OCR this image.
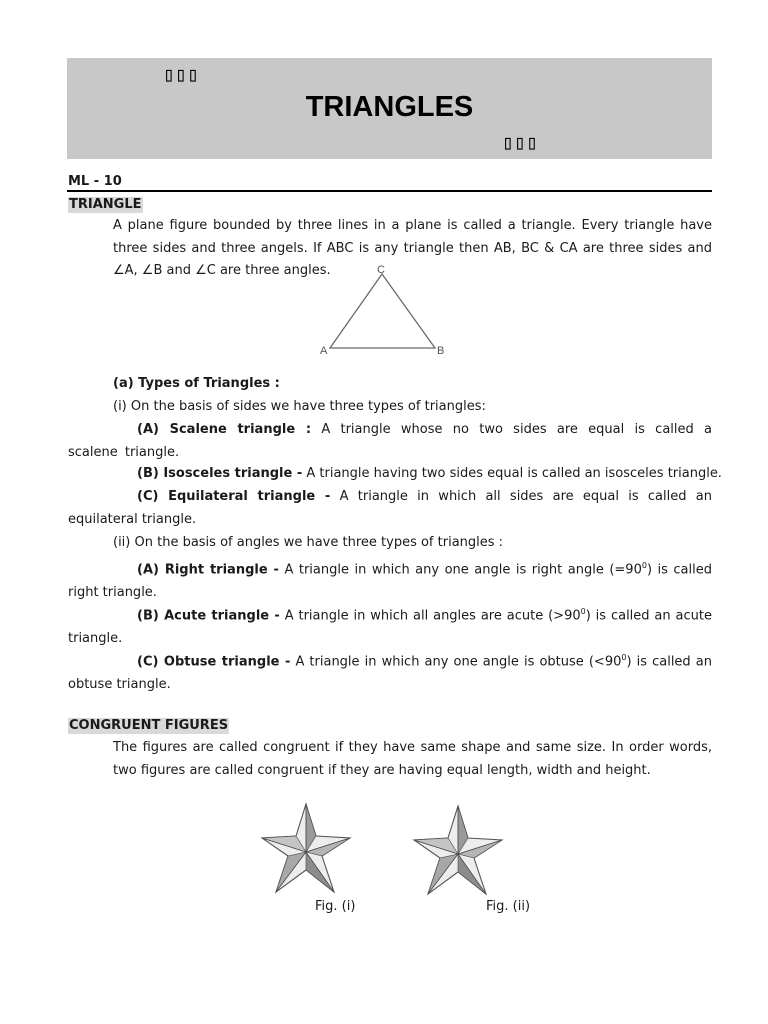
▯▯▯
TRIANGLES
▯▯▯
ML - 10
TRIANGLE

A plane figure bounded by three lines in a plane is called a triangle. Every triangle have three sides and three angels. If ABC is any triangle then AB, BC & CA are three sides and ∠A, ∠B and ∠C are three angles.	C
A	B
(a) Types of Triangles :
(i) On the basis of sides we have three types of triangles:

(A) Scalene triangle : A triangle whose no two sides are equal is called a scalene triangle.

(B) Isosceles triangle - A triangle having two sides equal is called an isosceles triangle.

(C) Equilateral triangle - A triangle in which all sides are equal is called an equilateral triangle.

(ii) On the basis of angles we have three types of triangles :

(A) Right triangle - A triangle in which any one angle is right angle $(=90^0)$ is called right triangle.

(B) Acute triangle - A triangle in which all angles are acute $(>90^0)$ is called an acute triangle.

(C) Obtuse triangle - A triangle in which any one angle is obtuse $(<90^0)$ is called an obtuse triangle.

CONGRUENT FIGURES

The figures are called congruent if they have same shape and same size. In order words, two figures are called congruent if they are having equal length, width and height.

Fig. (i)	Fig. (ii)
